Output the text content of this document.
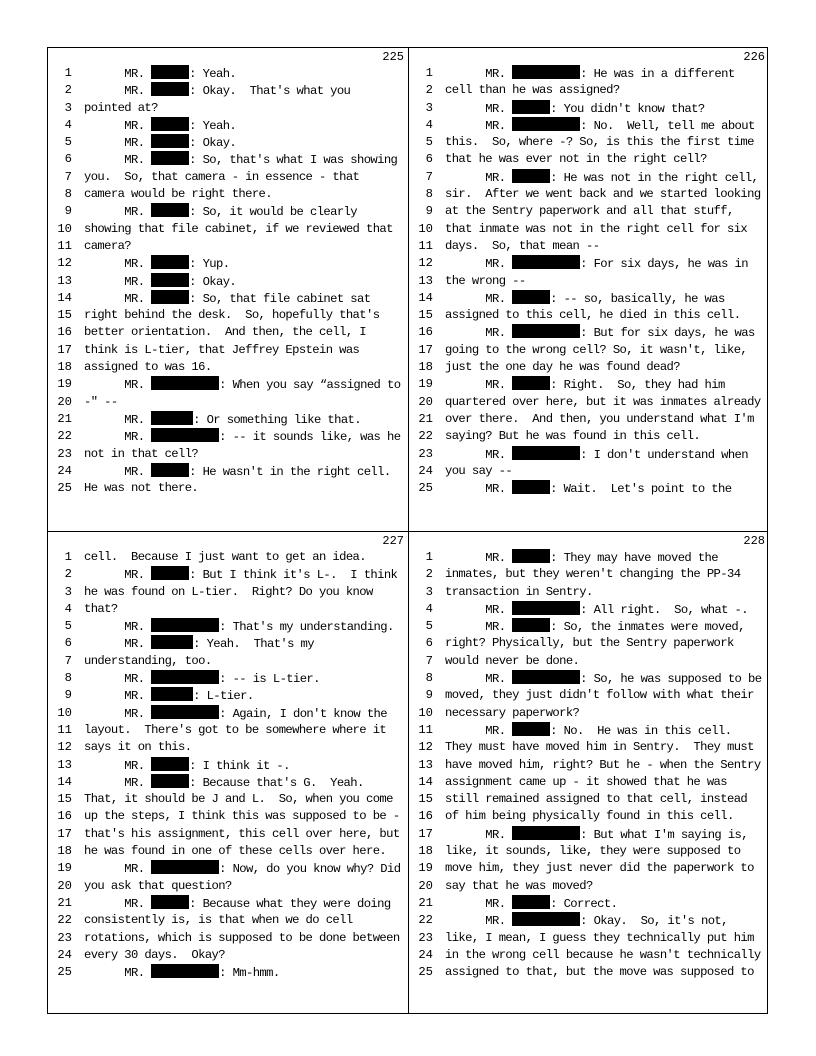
225
1 MR.	: Yeah.
2 MR.	: Okay.  That's what you
3 pointed at?
4 MR.	: Yeah.
5 MR.	: Okay.
6 MR.	: So, that's what I was showing
7 you.  So, that camera - in essence - that
8 camera would be right there.
9 MR.	: So, it would be clearly
10 showing that file cabinet, if we reviewed that
11 camera?
12 MR.	: Yup.
13 MR.	: Okay.
14 MR.	: So, that file cabinet sat
15 right behind the desk.  So, hopefully that's
16 better orientation.  And then, the cell, I
17 think is L-tier, that Jeffrey Epstein was
18 assigned to was 16.
19 MR.	: When you say “assigned to
20 -" --
21 MR.	: Or something like that.
22 MR.	: -- it sounds like, was he
23 not in that cell?
24 MR.	: He wasn't in the right cell.
25 He was not there.
226
1 MR.	: He was in a different
2 cell than he was assigned?
3 MR.	: You didn't know that?
4 MR.	: No.  Well, tell me about
5 this.  So, where -? So, is this the first time
6 that he was ever not in the right cell?
7 MR.	: He was not in the right cell,
8 sir.  After we went back and we started looking
9 at the Sentry paperwork and all that stuff,
10 that inmate was not in the right cell for six
11 days.  So, that mean --
12 MR.	: For six days, he was in
13 the wrong --
14 MR.	: -- so, basically, he was
15 assigned to this cell, he died in this cell.
16 MR.	: But for six days, he was
17 going to the wrong cell? So, it wasn't, like,
18 just the one day he was found dead?
19 MR.	: Right.  So, they had him
20 quartered over here, but it was inmates already
21 over there.  And then, you understand what I'm
22 saying? But he was found in this cell.
23 MR.	: I don't understand when
24 you say --
25 MR.	: Wait.  Let's point to the
227
1 cell.  Because I just want to get an idea.
2 MR.	: But I think it's L-.  I think
3 he was found on L-tier.  Right? Do you know
4 that?
5 MR.	: That's my understanding.
6 MR.	: Yeah.  That's my
7 understanding, too.
8 MR.	: -- is L-tier.
9 MR.	: L-tier.
10 MR.	: Again, I don't know the
11 layout.  There's got to be somewhere where it
12 says it on this.
13 MR.	: I think it -.
14 MR.	: Because that's G.  Yeah.
15 That, it should be J and L.  So, when you come
16 up the steps, I think this was supposed to be -
17 that's his assignment, this cell over here, but
18 he was found in one of these cells over here.
19 MR.	: Now, do you know why? Did
20 you ask that question?
21 MR.	: Because what they were doing
22 consistently is, is that when we do cell
23 rotations, which is supposed to be done between
24 every 30 days.  Okay?
25 MR.	: Mm-hmm.
228
1 MR.	: They may have moved the
2 inmates, but they weren't changing the PP-34
3 transaction in Sentry.
4 MR.	: All right.  So, what -.
5 MR.	: So, the inmates were moved,
6 right? Physically, but the Sentry paperwork
7 would never be done.
8 MR.	: So, he was supposed to be
9 moved, they just didn't follow with what their
10 necessary paperwork?
11 MR.	: No.  He was in this cell.
12 They must have moved him in Sentry.  They must
13 have moved him, right? But he - when the Sentry
14 assignment came up - it showed that he was
15 still remained assigned to that cell, instead
16 of him being physically found in this cell.
17 MR.	: But what I'm saying is,
18 like, it sounds, like, they were supposed to
19 move him, they just never did the paperwork to
20 say that he was moved?
21 MR.	: Correct.
22 MR.	: Okay.  So, it's not,
23 like, I mean, I guess they technically put him
24 in the wrong cell because he wasn't technically
25 assigned to that, but the move was supposed to
